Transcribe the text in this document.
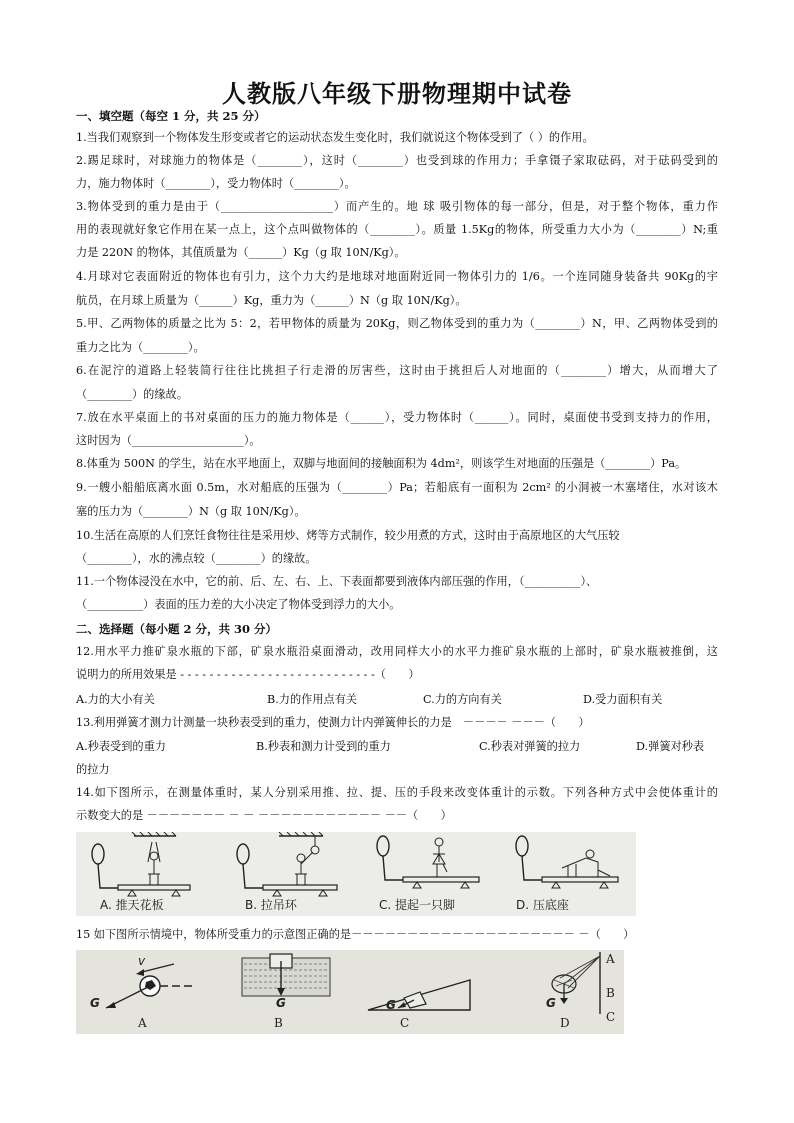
人教版八年级下册物理期中试卷
一、填空题（每空 1 分，共 25 分）
1.当我们观察到一个物体发生形变或者它的运动状态发生变化时，我们就说这个物体受到了（ ）的作用。
2.踢足球时，对球施力的物体是（________），这时（________）也受到球的作用力；手拿镊子家取砝码，对于砝码受到的
力，施力物体时（________），受力物体时（________）。
3.物体受到的重力是由于（____________________）而产生的。地 球 吸引物体的每一部分，但是，对于整个物体，重力作
用的表现就好象它作用在某一点上，这个点叫做物体的（________）。质量 1.5Kg的物体，所受重力大小为（________）N;重
力是 220N 的物体，其值质量为（______）Kg（g 取 10N/Kg）。
4.月球对它表面附近的物体也有引力，这个力大约是地球对地面附近同一物体引力的 1/6。一个连同随身装备共 90Kg的宇
航员，在月球上质量为（______）Kg，重力为（______）N（g 取 10N/Kg）。
5.甲、乙两物体的质量之比为 5：2，若甲物体的质量为 20Kg，则乙物体受到的重力为（________）N，甲、乙两物体受到的
重力之比为（________）。
6.在泥泞的道路上轻装简行往往比挑担子行走滑的厉害些，这时由于挑担后人对地面的（________）增大，从而增大了
（________）的缘故。
7.放在水平桌面上的书对桌面的压力的施力物体是（______），受力物体时（______）。同时，桌面使书受到支持力的作用，
这时因为（____________________）。
8.体重为 500N 的学生，站在水平地面上，双脚与地面间的接触面积为 4dm²，则该学生对地面的压强是（________）Pa。
9.一艘小船船底离水面 0.5m，水对船底的压强为（________）Pa；若船底有一面积为 2cm² 的小洞被一木塞堵住，水对该木
塞的压力为（________）N（g 取 10N/Kg）。
10.生活在高原的人们烹饪食物往往是采用炒、烤等方式制作，较少用煮的方式，这时由于高原地区的大气压较
（________），水的沸点较（________）的缘故。
11.一个物体浸没在水中，它的前、后、左、右、上、下表面都要到液体内部压强的作用，（__________）、
（__________）表面的压力差的大小决定了物体受到浮力的大小。
二、选择题（每小题 2 分，共 30 分）
12.用水平力推矿泉水瓶的下部，矿泉水瓶沿桌面滑动，改用同样大小的水平力推矿泉水瓶的上部时，矿泉水瓶被推倒，这
说明力的所用效果是 - - - - - - - - - - - - - - - - - - - - - - - - - - -（　　）
A.力的大小有关	B.力的作用点有关	C.力的方向有关	D.受力面积有关
13.利用弹簧才测力计测量一块秒表受到的重力，使测力计内弹簧伸长的力是　－－－－ －－－（　　）
A.秒表受到的重力	B.秒表和测力计受到的重力	C.秒表对弹簧的拉力	D.弹簧对秒表
的拉力
14.如下图所示，在测量体重时，某人分别采用推、拉、提、压的手段来改变体重计的示数。下列各种方式中会使体重计的
示数变大的是 －－－－－－－ － － －－－－－－－－－－－ －－（　　）
A. 推天花板	B. 拉吊环	C. 提起一只脚	D. 压底座
15 如下图所示情境中，物体所受重力的示意图正确的是－－－－－－－－－－－－－－－－－－－－ －（　　）
v
G
A
G
B
G
C
A
B
C
G
D
